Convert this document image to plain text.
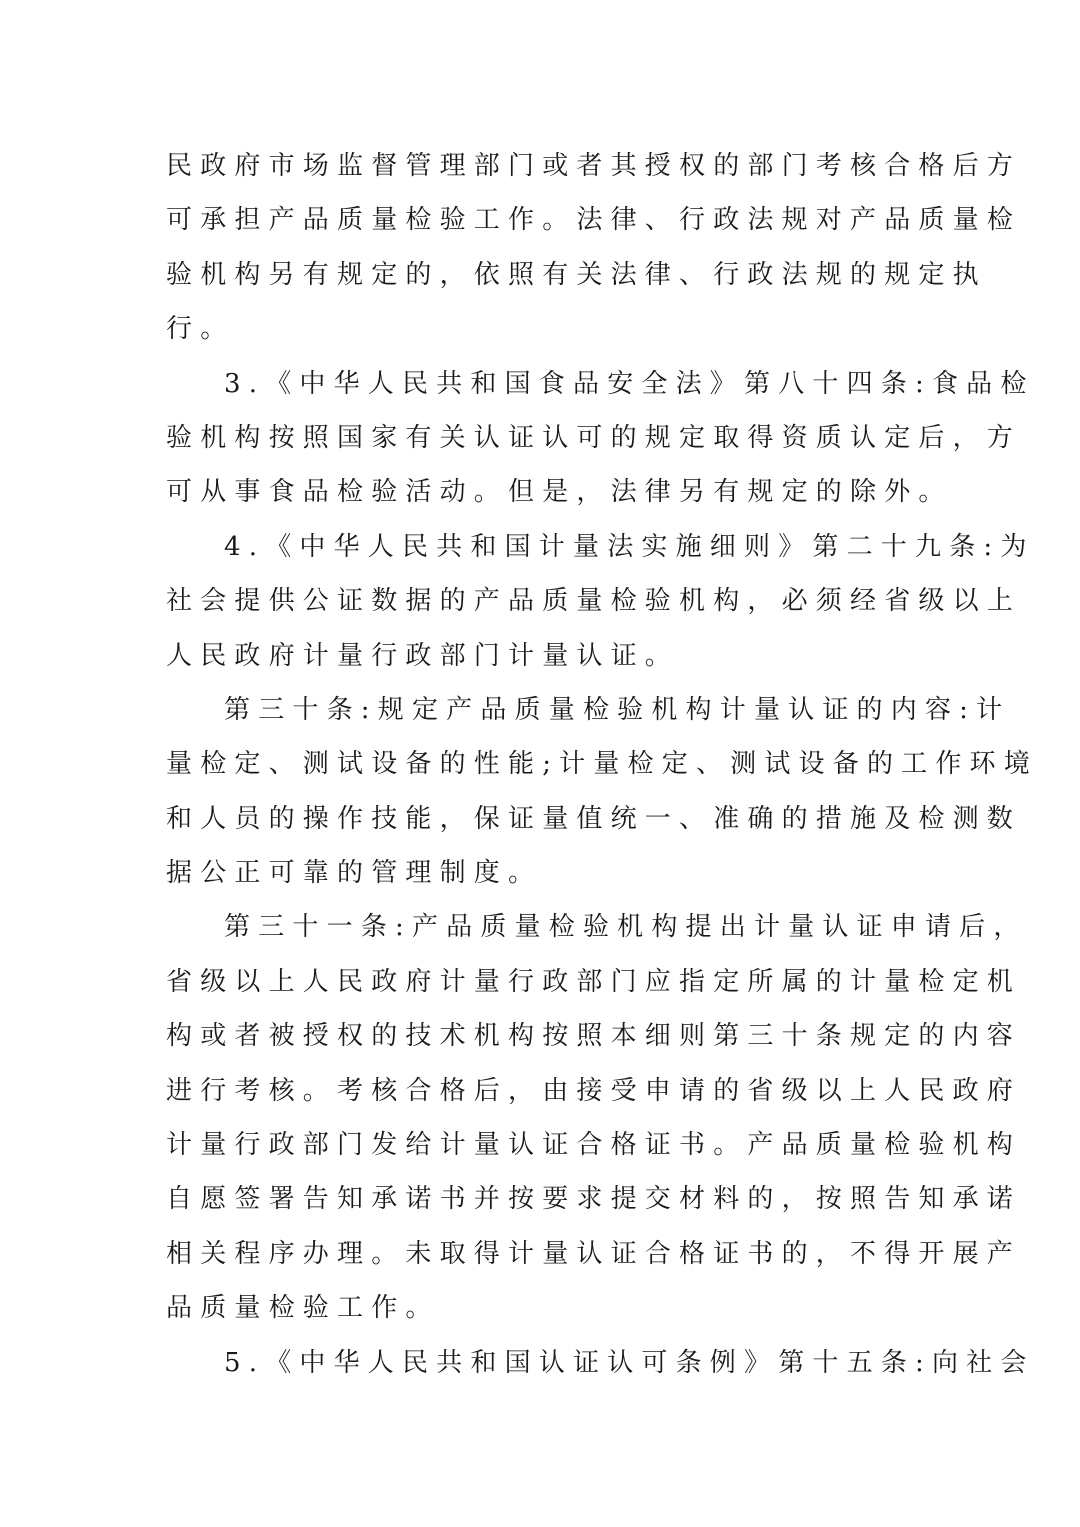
民政府市场监督管理部门或者其授权的部门考核合格后方
可承担产品质量检验工作。法律、行政法规对产品质量检
验机构另有规定的，依照有关法律、行政法规的规定执
行。
3.《中华人民共和国食品安全法》第八十四条:食品检
验机构按照国家有关认证认可的规定取得资质认定后，方
可从事食品检验活动。但是，法律另有规定的除外。
4.《中华人民共和国计量法实施细则》第二十九条:为
社会提供公证数据的产品质量检验机构，必须经省级以上
人民政府计量行政部门计量认证。
第三十条:规定产品质量检验机构计量认证的内容:计
量检定、测试设备的性能;计量检定、测试设备的工作环境
和人员的操作技能，保证量值统一、准确的措施及检测数
据公正可靠的管理制度。
第三十一条:产品质量检验机构提出计量认证申请后，
省级以上人民政府计量行政部门应指定所属的计量检定机
构或者被授权的技术机构按照本细则第三十条规定的内容
进行考核。考核合格后，由接受申请的省级以上人民政府
计量行政部门发给计量认证合格证书。产品质量检验机构
自愿签署告知承诺书并按要求提交材料的，按照告知承诺
相关程序办理。未取得计量认证合格证书的，不得开展产
品质量检验工作。
5.《中华人民共和国认证认可条例》第十五条:向社会
